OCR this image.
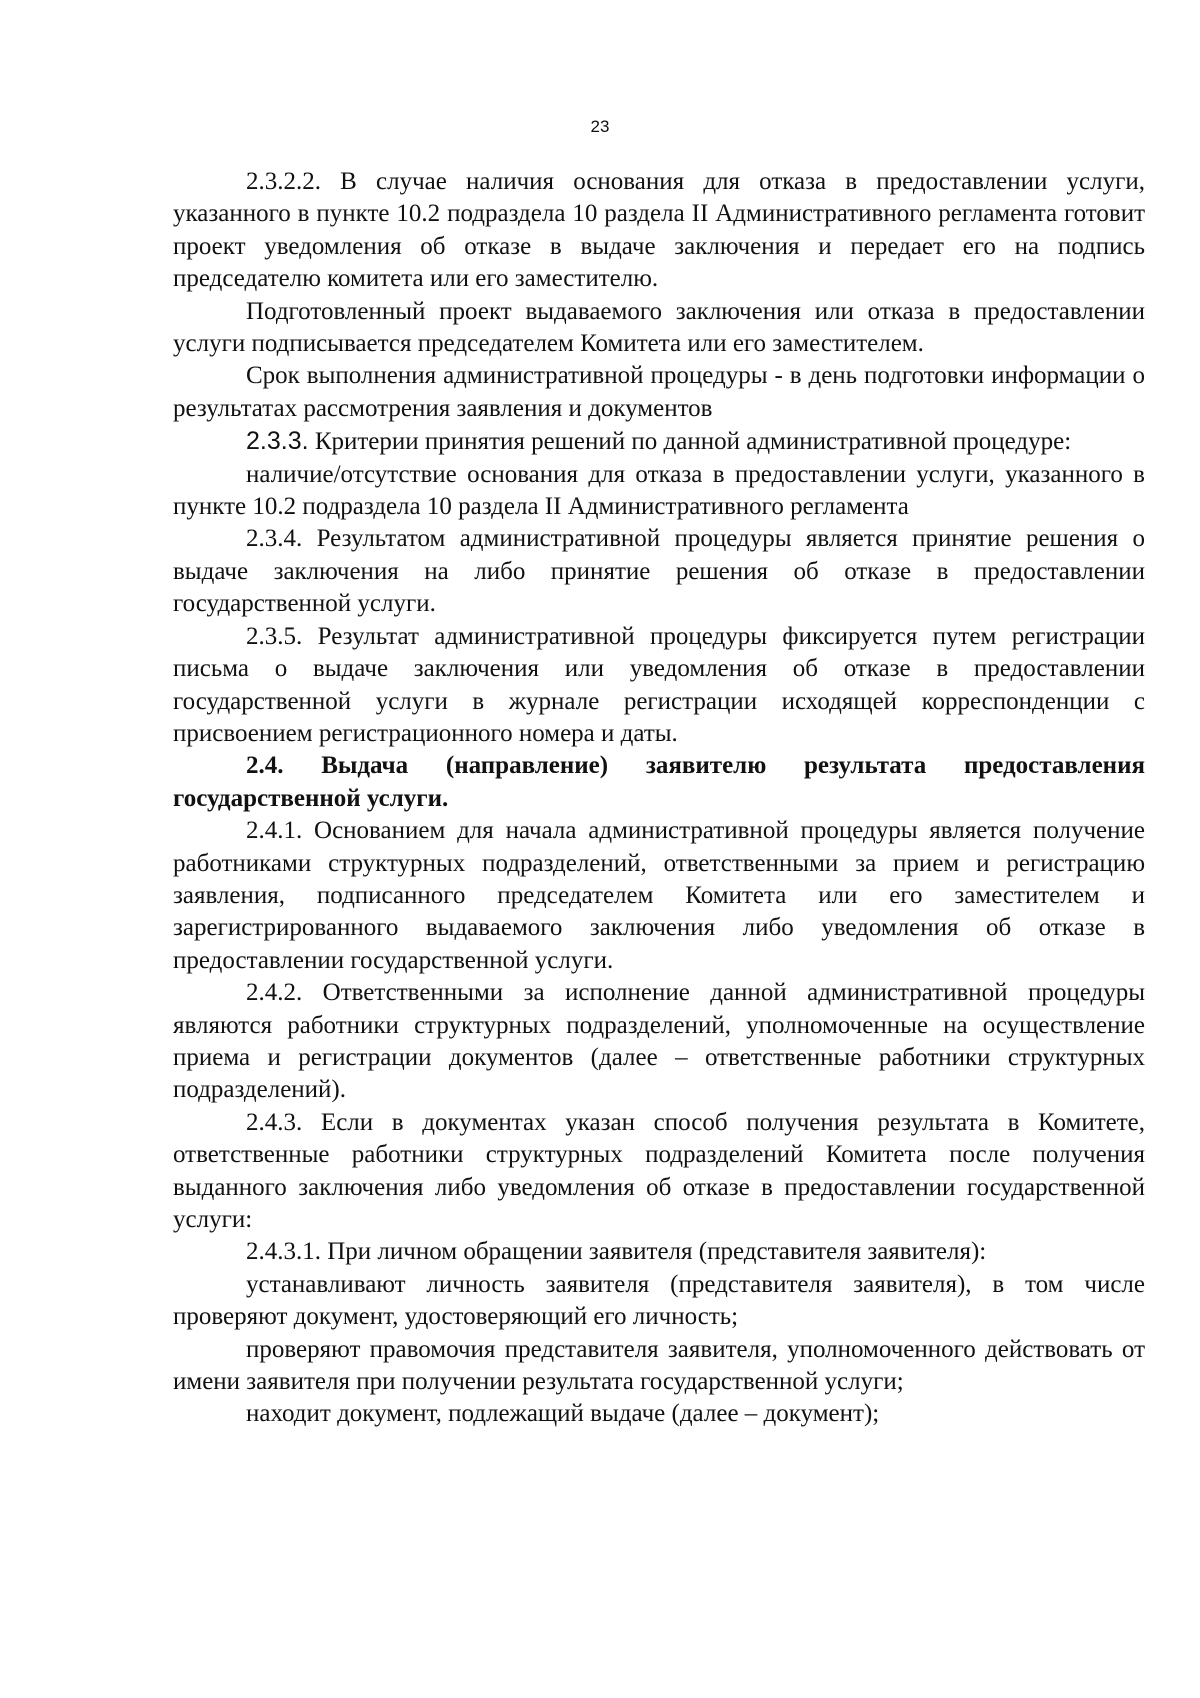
23

2.3.2.2. В случае наличия основания для отказа в предоставлении услуги, указанного в пункте 10.2 подраздела 10 раздела II Административного регламента готовит проект уведомления об отказе в выдаче заключения и передает его на подпись председателю комитета или его заместителю.

Подготовленный проект выдаваемого заключения или отказа в предоставлении услуги подписывается председателем Комитета или его заместителем.

Срок выполнения административной процедуры - в день подготовки информации о результатах рассмотрения заявления и документов

2.3.3. Критерии принятия решений по данной административной процедуре:

наличие/отсутствие основания для отказа в предоставлении услуги, указанного в пункте 10.2 подраздела 10 раздела II Административного регламента

2.3.4. Результатом административной процедуры является принятие решения о выдаче заключения на либо принятие решения об отказе в предоставлении государственной услуги.

2.3.5. Результат административной процедуры фиксируется путем регистрации письма о выдаче заключения или уведомления об отказе в предоставлении государственной услуги в журнале регистрации исходящей корреспонденции с присвоением регистрационного номера и даты.

2.4. Выдача (направление) заявителю результата предоставления государственной услуги.

2.4.1. Основанием для начала административной процедуры является получение работниками структурных подразделений, ответственными за прием и регистрацию заявления, подписанного председателем Комитета или его заместителем и зарегистрированного выдаваемого заключения либо уведомления об отказе в предоставлении государственной услуги.

2.4.2. Ответственными за исполнение данной административной процедуры являются работники структурных подразделений, уполномоченные на осуществление приема и регистрации документов (далее – ответственные работники структурных подразделений).

2.4.3. Если в документах указан способ получения результата в Комитете, ответственные работники структурных подразделений Комитета после получения выданного заключения либо уведомления об отказе в предоставлении государственной услуги:

2.4.3.1. При личном обращении заявителя (представителя заявителя):

устанавливают личность заявителя (представителя заявителя), в том числе проверяют документ, удостоверяющий его личность;

проверяют правомочия представителя заявителя, уполномоченного действовать от имени заявителя при получении результата государственной услуги;

находит документ, подлежащий выдаче (далее – документ);
